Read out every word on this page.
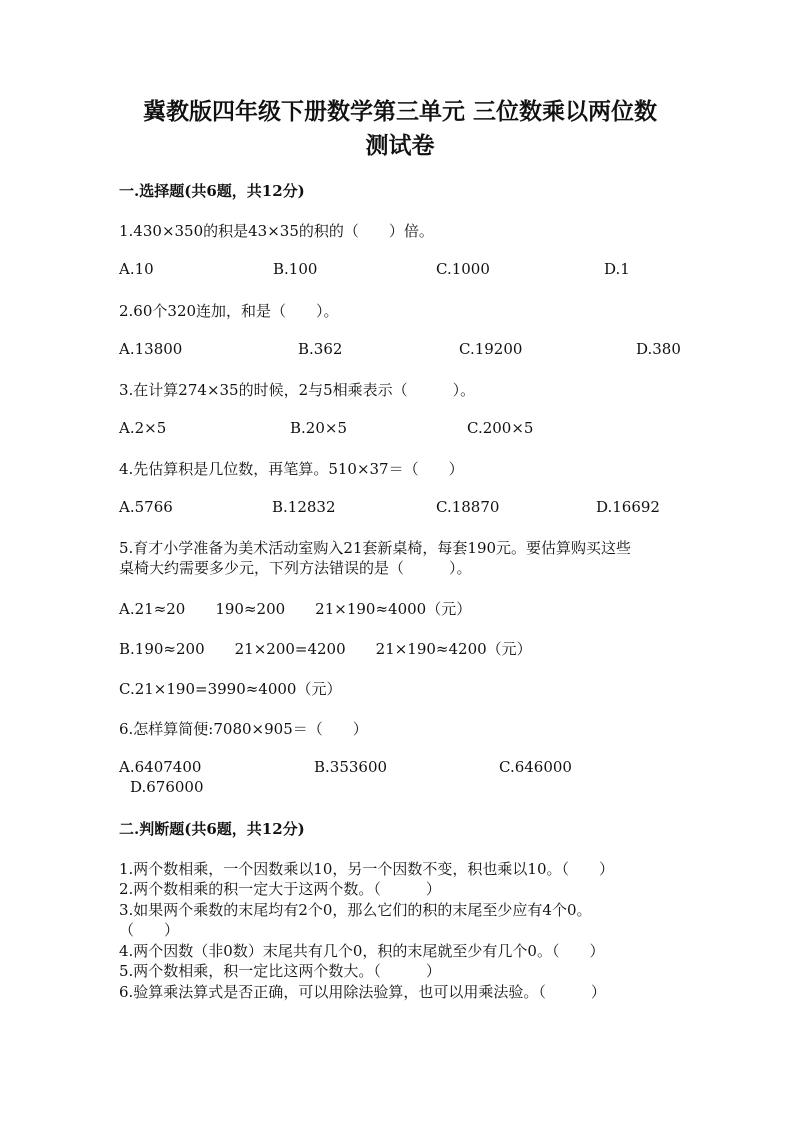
冀教版四年级下册数学第三单元 三位数乘以两位数
测试卷
一.选择题(共6题，共12分)
1.430×350的积是43×35的积的（　　）倍。
A.10	B.100	C.1000	D.1
2.60个320连加，和是（　　）。
A.13800	B.362	C.19200	D.380
3.在计算274×35的时候，2与5相乘表示（　　　）。
A.2×5	B.20×5	C.200×5
4.先估算积是几位数，再笔算。510×37＝（　　）
A.5766	B.12832	C.18870	D.16692
5.育才小学准备为美术活动室购入21套新桌椅，每套190元。要估算购买这些
桌椅大约需要多少元，下列方法错误的是（　　　）。
A.21≈20　　190≈200　　21×190≈4000（元）
B.190≈200　　21×200=4200　　21×190≈4200（元）
C.21×190=3990≈4000（元）
6.怎样算简便:7080×905＝（　　）
A.6407400	B.353600	C.646000
D.676000
二.判断题(共6题，共12分)
1.两个数相乘，一个因数乘以10，另一个因数不变，积也乘以10。（　　）
2.两个数相乘的积一定大于这两个数。（　　　）
3.如果两个乘数的末尾均有2个0，那么它们的积的末尾至少应有4个0。
（　　）
4.两个因数（非0数）末尾共有几个0，积的末尾就至少有几个0。（　　）
5.两个数相乘，积一定比这两个数大。（　　　）
6.验算乘法算式是否正确，可以用除法验算，也可以用乘法验。（　　　）
